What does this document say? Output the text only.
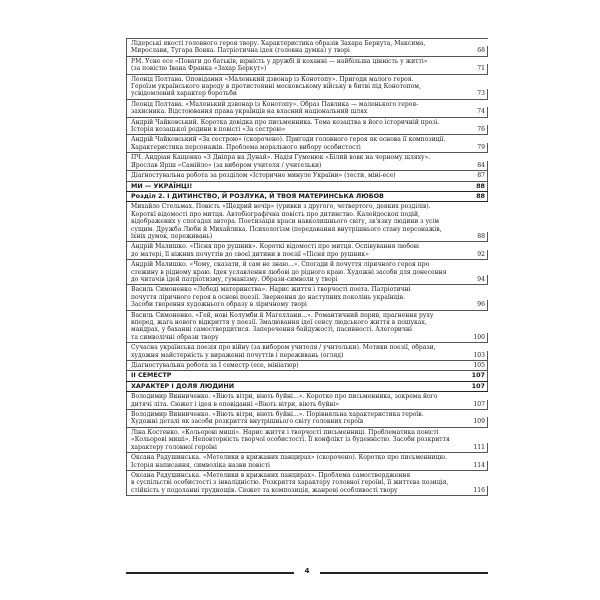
Лідерські якості головного героя твору. Характеристика образів Захара Беркута, Максима,
Мирослави, Тугара Вовка. Патріотична ідея (головна думка) у творі	68
РМ. Усне есе «Поваги до батьків, вірність у дружбі й коханні — найбільша цінність у житті»
(за повістю Івана Франка «Захар Беркут»)	71
Леонід Полтава. Оповідання «Маленький дзвонар із Конотопу». Пригоди малого героя.
Героїзм українського народу в протистоянні московському війську в битві під Конотопом,
усвідомлений характер боротьби	73
Леонід Полтава. «Маленький дзвонар із Конотопу». Образ Павлика — маленького героя-
захисника. Відстоювання права українців на власний національний шлях	74
Андрій Чайковський. Коротка довідка про письменника. Тема козацтва в його історичній прозі.
Історія козацької родини в повісті «За сестрою»	76
Андрій Чайковський «За сестрою» (скорочено). Пригоди головного героя як основа її композиції.
Характеристика персонажів. Проблема морального вибору особистості	79
ПЧ. Андріан Кащенко «З Дніпра на Дунай». Надія Гуменюк «Білий вовк на чорному шляху».
Ярослав Яріш «Самійло» (за вибором учителя / учительки)	84
Діагностувальна робота за розділом «Історичне минуле України» (тести, міні-есе)	87
МИ — УКРАЇНЦІ!	88
Розділ 2. І ДИТИНСТВО, Й РОЗЛУКА, Й ТВОЯ МАТЕРИНСЬКА ЛЮБОВ	88
Михайло Стельмах. Повість «Щедрий вечір» (уривки з другого, четвертого, деяких розділів).
Короткі відомості про митця. Автобіографічна повість про дитинство. Калейдоскоп подій,
відображених у спогадах автора. Поетизація краси навколишнього світу, зв'язку людини з усім
сущим. Дружба Люби й Михайлика. Психологізм (передавання внутрішнього стану персонажів,
їхніх думок, переживань)	88
Андрій Малишко. «Пісня про рушник». Короткі відомості про митця. Оспівування любові
до матері, її ніжних почуттів до своєї дитини в поезії «Пісня про рушник»	92
Андрій Малишко. «Чому, сказати, й сам не знаю...». Спогади й почуття ліричного героя про
стежину в рідному краю. Ідея уславлення любові до рідного краю. Художні засоби для донесення
до читачів ідей патріотизму, гуманізму. Образи-символи у творі	94
Василь Симоненко «Лебеді материнства». Нарис життя і творчості поета. Патріотичні
почуття ліричного героя в основі поезії. Звернення до наступних поколінь українців.
Засоби творення художнього образу в ліричному творі	96
Василь Симоненко. «Гей, нові Колумби й Магеллани...». Романтичний порив, прагнення руху
вперед, жага нового відкриття у поезії. Змалювання ідеї сенсу людського життя в пошуках,
мандрах, у баханні самоствердитися. Заперечення байдужості, пасивності. Алегоричні
та символічні образи твору	100
Сучасна українська поезія про війну (за вибором учителя / учительки). Мотиви поезії, образи,
художня майстерність у вираженні почуттів і переживань (огляд)	103
Діагностувальна робота за І семестр (есе, мініатюр)	105
ІІ СЕМЕСТР	107
ХАРАКТЕР І ДОЛЯ ЛЮДИНИ	107
Володимир Винниченко. «Віють вітри, віють буйні...». Коротко про письменника, зокрема його
дитячі літа. Сюжет і ідея в оповіданні «Віють вітри, віють буйні»	107
Володимир Винниченко. «Віють вітри, віють буйні...». Порівняльна характеристика героїв.
Художні деталі як засоби розкриття внутрішнього світу головних героїв	109
Ліна Костенко. «Кольорові миші». Нарис життя і творчості письменниці. Проблематика повісті
«Кольорові миші». Неповторність творчої особистості. Її конфлікт із буденністю. Засоби розкриття
характеру головної героїні	111
Оксана Радушинська. «Метелики в крижаних панцирах» (скорочено). Коротко про письменницю.
Історія написання, символіка назви повісті	114
Оксана Радушинська. «Метелики в крижаних панцирах». Проблема самоствердження
в суспільстві особистості з інвалідністю. Розкриття характеру головної героїні, її життєва позиція,
стійкість у подоланні труднощів. Сюжет та композиція, жанрові особливості твору	116
4
